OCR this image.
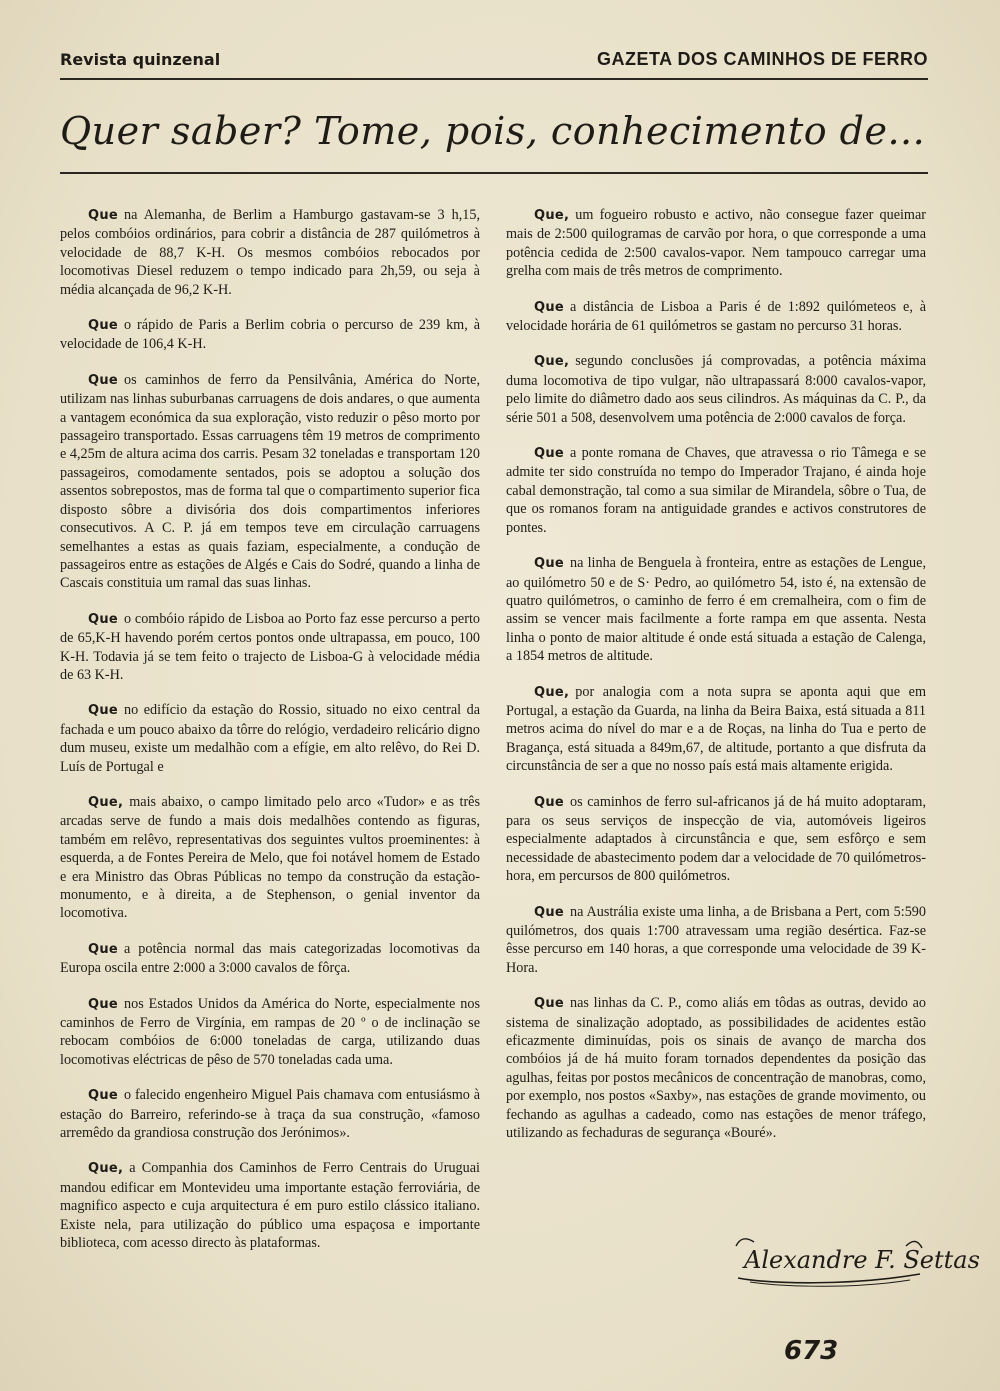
Revista quinzenal	GAZETA DOS CAMINHOS DE FERRO
Quer saber? Tome, pois, conhecimento de...

Que na Alemanha, de Berlim a Hamburgo gastavam-se 3 h,15, pelos combóios ordinários, para cobrir a distância de 287 quilómetros à velocidade de 88,7 K-H. Os mesmos combóios rebocados por locomotivas Diesel reduzem o tempo indicado para 2h,59, ou seja à média alcançada de 96,2 K-H.

Que o rápido de Paris a Berlim cobria o percurso de 239 km, à velocidade de 106,4 K-H.

Que os caminhos de ferro da Pensilvânia, América do Norte, utilizam nas linhas suburbanas carruagens de dois andares, o que aumenta a vantagem económica da sua exploração, visto reduzir o pêso morto por passageiro transportado. Essas carruagens têm 19 metros de comprimento e 4,25m de altura acima dos carris. Pesam 32 toneladas e transportam 120 passageiros, comodamente sentados, pois se adoptou a solução dos assentos sobrepostos, mas de forma tal que o compartimento superior fica disposto sôbre a divisória dos dois compartimentos inferiores consecutivos. A C. P. já em tempos teve em circulação carruagens semelhantes a estas as quais faziam, especialmente, a condução de passageiros entre as estações de Algés e Cais do Sodré, quando a linha de Cascais constituia um ramal das suas linhas.

Que o combóio rápido de Lisboa ao Porto faz esse percurso a perto de 65,K-H havendo porém certos pontos onde ultrapassa, em pouco, 100 K-H. Todavia já se tem feito o trajecto de Lisboa-G à velocidade média de 63 K-H.

Que no edifício da estação do Rossio, situado no eixo central da fachada e um pouco abaixo da tôrre do relógio, verdadeiro relicário digno dum museu, existe um medalhão com a efígie, em alto relêvo, do Rei D. Luís de Portugal e

Que, mais abaixo, o campo limitado pelo arco «Tudor» e as três arcadas serve de fundo a mais dois medalhões contendo as figuras, também em relêvo, representativas dos seguintes vultos proeminentes: à esquerda, a de Fontes Pereira de Melo, que foi notável homem de Estado e era Ministro das Obras Públicas no tempo da construção da estação-monumento, e à direita, a de Stephenson, o genial inventor da locomotiva.

Que a potência normal das mais categorizadas locomotivas da Europa oscila entre 2:000 a 3:000 cavalos de fôrça.

Que nos Estados Unidos da América do Norte, especialmente nos caminhos de Ferro de Virgínia, em rampas de 20 º o de inclinação se rebocam combóios de 6:000 toneladas de carga, utilizando duas locomotivas eléctricas de pêso de 570 toneladas cada uma.

Que o falecido engenheiro Miguel Pais chamava com entusiásmo à estação do Barreiro, referindo-se à traça da sua construção, «famoso arremêdo da grandiosa construção dos Jerónimos».

Que, a Companhia dos Caminhos de Ferro Centrais do Uruguai mandou edificar em Montevideu uma importante estação ferroviária, de magnifico aspecto e cuja arquitectura é em puro estilo clássico italiano. Existe nela, para utilização do público uma espaçosa e importante biblioteca, com acesso directo às plataformas.

Que, um fogueiro robusto e activo, não consegue fazer queimar mais de 2:500 quilogramas de carvão por hora, o que corresponde a uma potência cedida de 2:500 cavalos-vapor. Nem tampouco carregar uma grelha com mais de três metros de comprimento.

Que a distância de Lisboa a Paris é de 1:892 quilómeteos e, à velocidade horária de 61 quilómetros se gastam no percurso 31 horas.

Que, segundo conclusões já comprovadas, a potência máxima duma locomotiva de tipo vulgar, não ultrapassará 8:000 cavalos-vapor, pelo limite do diâmetro dado aos seus cilindros. As máquinas da C. P., da série 501 a 508, desenvolvem uma potência de 2:000 cavalos de força.

Que a ponte romana de Chaves, que atravessa o rio Tâmega e se admite ter sido construída no tempo do Imperador Trajano, é ainda hoje cabal demonstração, tal como a sua similar de Mirandela, sôbre o Tua, de que os romanos foram na antiguidade grandes e activos construtores de pontes.

Que na linha de Benguela à fronteira, entre as estações de Lengue, ao quilómetro 50 e de S· Pedro, ao quilómetro 54, isto é, na extensão de quatro quilómetros, o caminho de ferro é em cremalheira, com o fim de assim se vencer mais facilmente a forte rampa em que assenta. Nesta linha o ponto de maior altitude é onde está situada a estação de Calenga, a 1854 metros de altitude.

Que, por analogia com a nota supra se aponta aqui que em Portugal, a estação da Guarda, na linha da Beira Baixa, está situada a 811 metros acima do nível do mar e a de Roças, na linha do Tua e perto de Bragança, está situada a 849m,67, de altitude, portanto a que disfruta da circunstância de ser a que no nosso país está mais altamente erigida.

Que os caminhos de ferro sul-africanos já de há muito adoptaram, para os seus serviços de inspecção de via, automóveis ligeiros especialmente adaptados à circunstância e que, sem esfôrço e sem necessidade de abastecimento podem dar a velocidade de 70 quilómetros-hora, em percursos de 800 quilómetros.

Que na Austrália existe uma linha, a de Brisbana a Pert, com 5:590 quilómetros, dos quais 1:700 atravessam uma região desértica. Faz-se êsse percurso em 140 horas, a que corresponde uma velocidade de 39 K-Hora.

Que nas linhas da C. P., como aliás em tôdas as outras, devido ao sistema de sinalização adoptado, as possibilidades de acidentes estão eficazmente diminuídas, pois os sinais de avanço de marcha dos combóios já de há muito foram tornados dependentes da posição das agulhas, feitas por postos mecânicos de concentração de manobras, como, por exemplo, nos postos «Saxby», nas estações de grande movimento, ou fechando as agulhas a cadeado, como nas estações de menor tráfego, utilizando as fechaduras de segurança «Bouré».

Alexandre F. Settas
673
